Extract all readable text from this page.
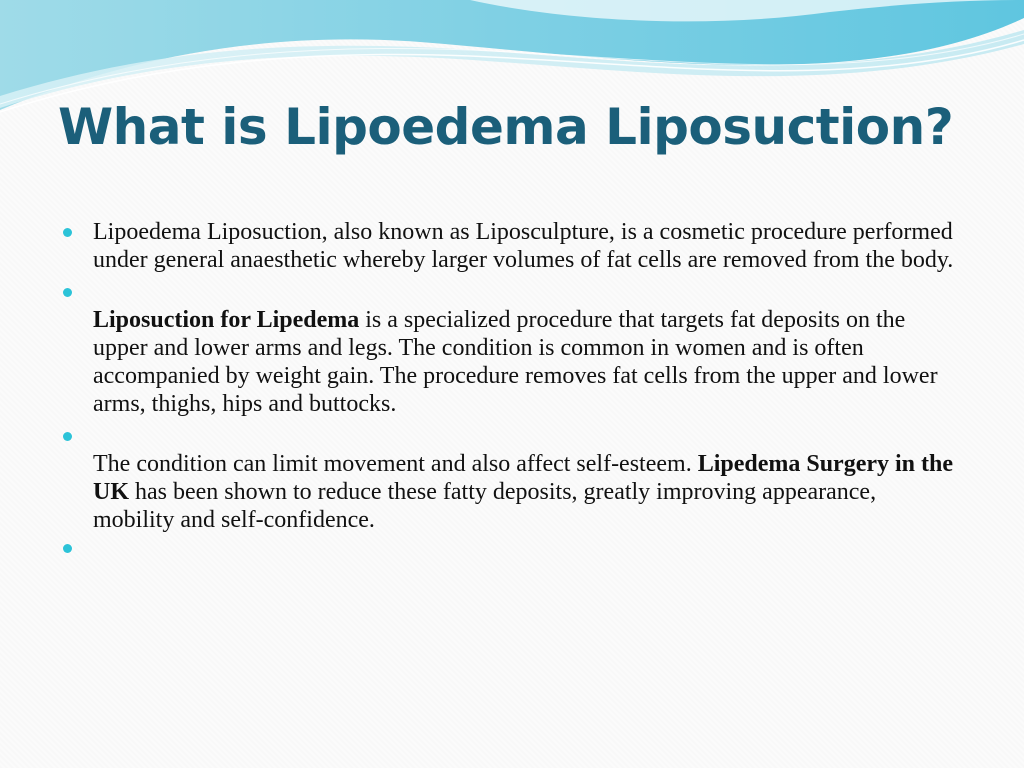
What is Lipoedema Liposuction?
Lipoedema Liposuction, also known as Liposculpture, is a cosmetic procedure performed under general anaesthetic whereby larger volumes of fat cells are removed from the body.
Liposuction for Lipedema is a specialized procedure that targets fat deposits on the upper and lower arms and legs. The condition is common in women and is often accompanied by weight gain. The procedure removes fat cells from the upper and lower arms, thighs, hips and buttocks.
The condition can limit movement and also affect self-esteem. Lipedema Surgery in the UK has been shown to reduce these fatty deposits, greatly improving appearance, mobility and self-confidence.
